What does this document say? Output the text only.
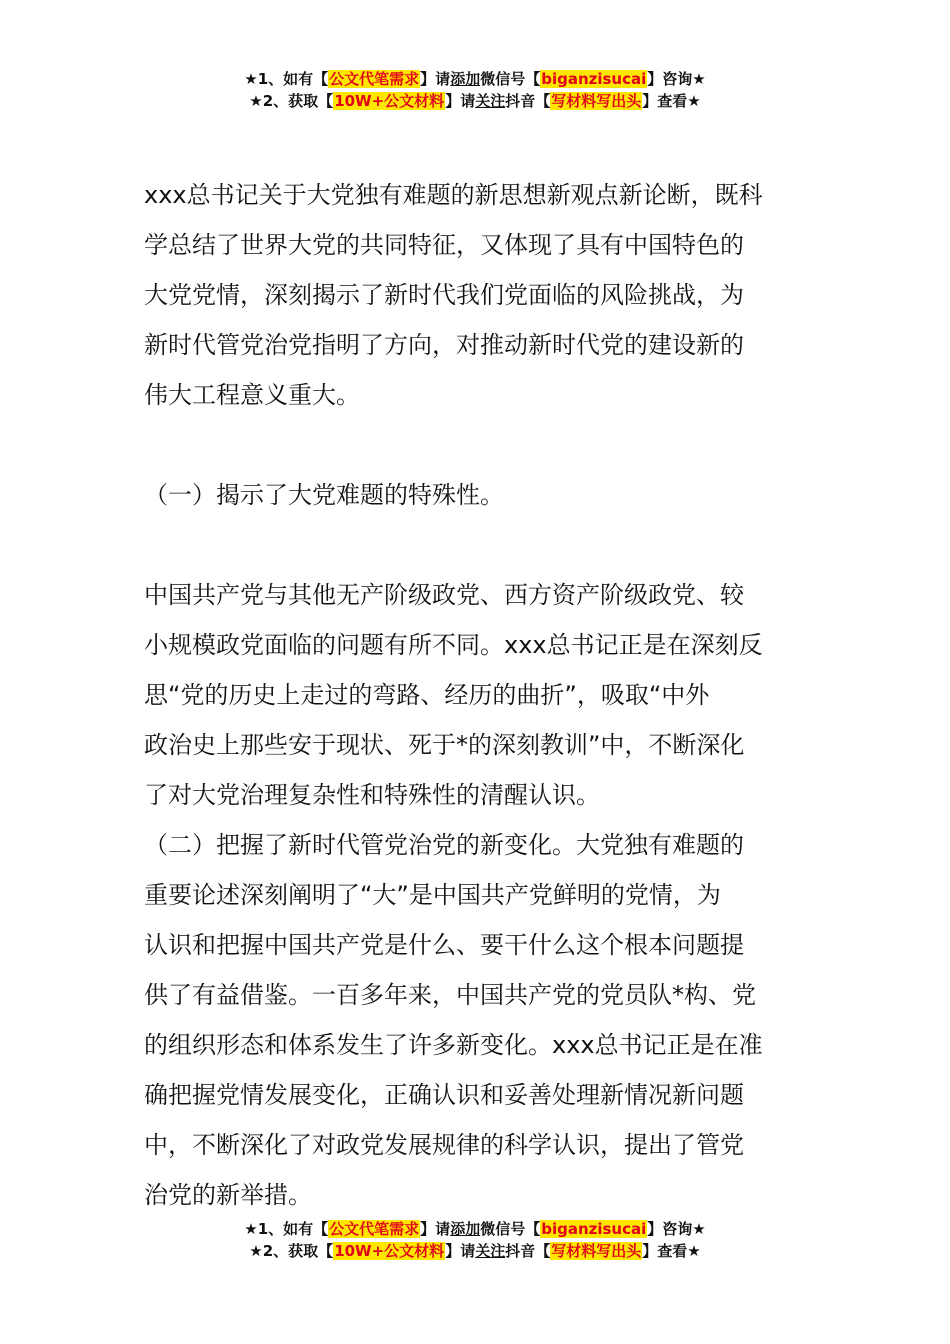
★1、如有【公文代笔需求】请添加微信号【biganzisucai】咨询★
★2、获取【10W+公文材料】请关注抖音【写材料写出头】查看★

xxx总书记关于大党独有难题的新思想新观点新论断，既科

学总结了世界大党的共同特征，又体现了具有中国特色的

大党党情，深刻揭示了新时代我们党面临的风险挑战，为

新时代管党治党指明了方向，对推动新时代党的建设新的

伟大工程意义重大。

（一）揭示了大党难题的特殊性。

中国共产党与其他无产阶级政党、西方资产阶级政党、较

小规模政党面临的问题有所不同。xxx总书记正是在深刻反

思“党的历史上走过的弯路、经历的曲折”，吸取“中外

政治史上那些安于现状、死于*的深刻教训”中，不断深化

了对大党治理复杂性和特殊性的清醒认识。

（二）把握了新时代管党治党的新变化。大党独有难题的

重要论述深刻阐明了“大”是中国共产党鲜明的党情，为

认识和把握中国共产党是什么、要干什么这个根本问题提

供了有益借鉴。一百多年来，中国共产党的党员队*构、党

的组织形态和体系发生了许多新变化。xxx总书记正是在准

确把握党情发展变化，正确认识和妥善处理新情况新问题

中，不断深化了对政党发展规律的科学认识，提出了管党

治党的新举措。

★1、如有【公文代笔需求】请添加微信号【biganzisucai】咨询★
★2、获取【10W+公文材料】请关注抖音【写材料写出头】查看★
